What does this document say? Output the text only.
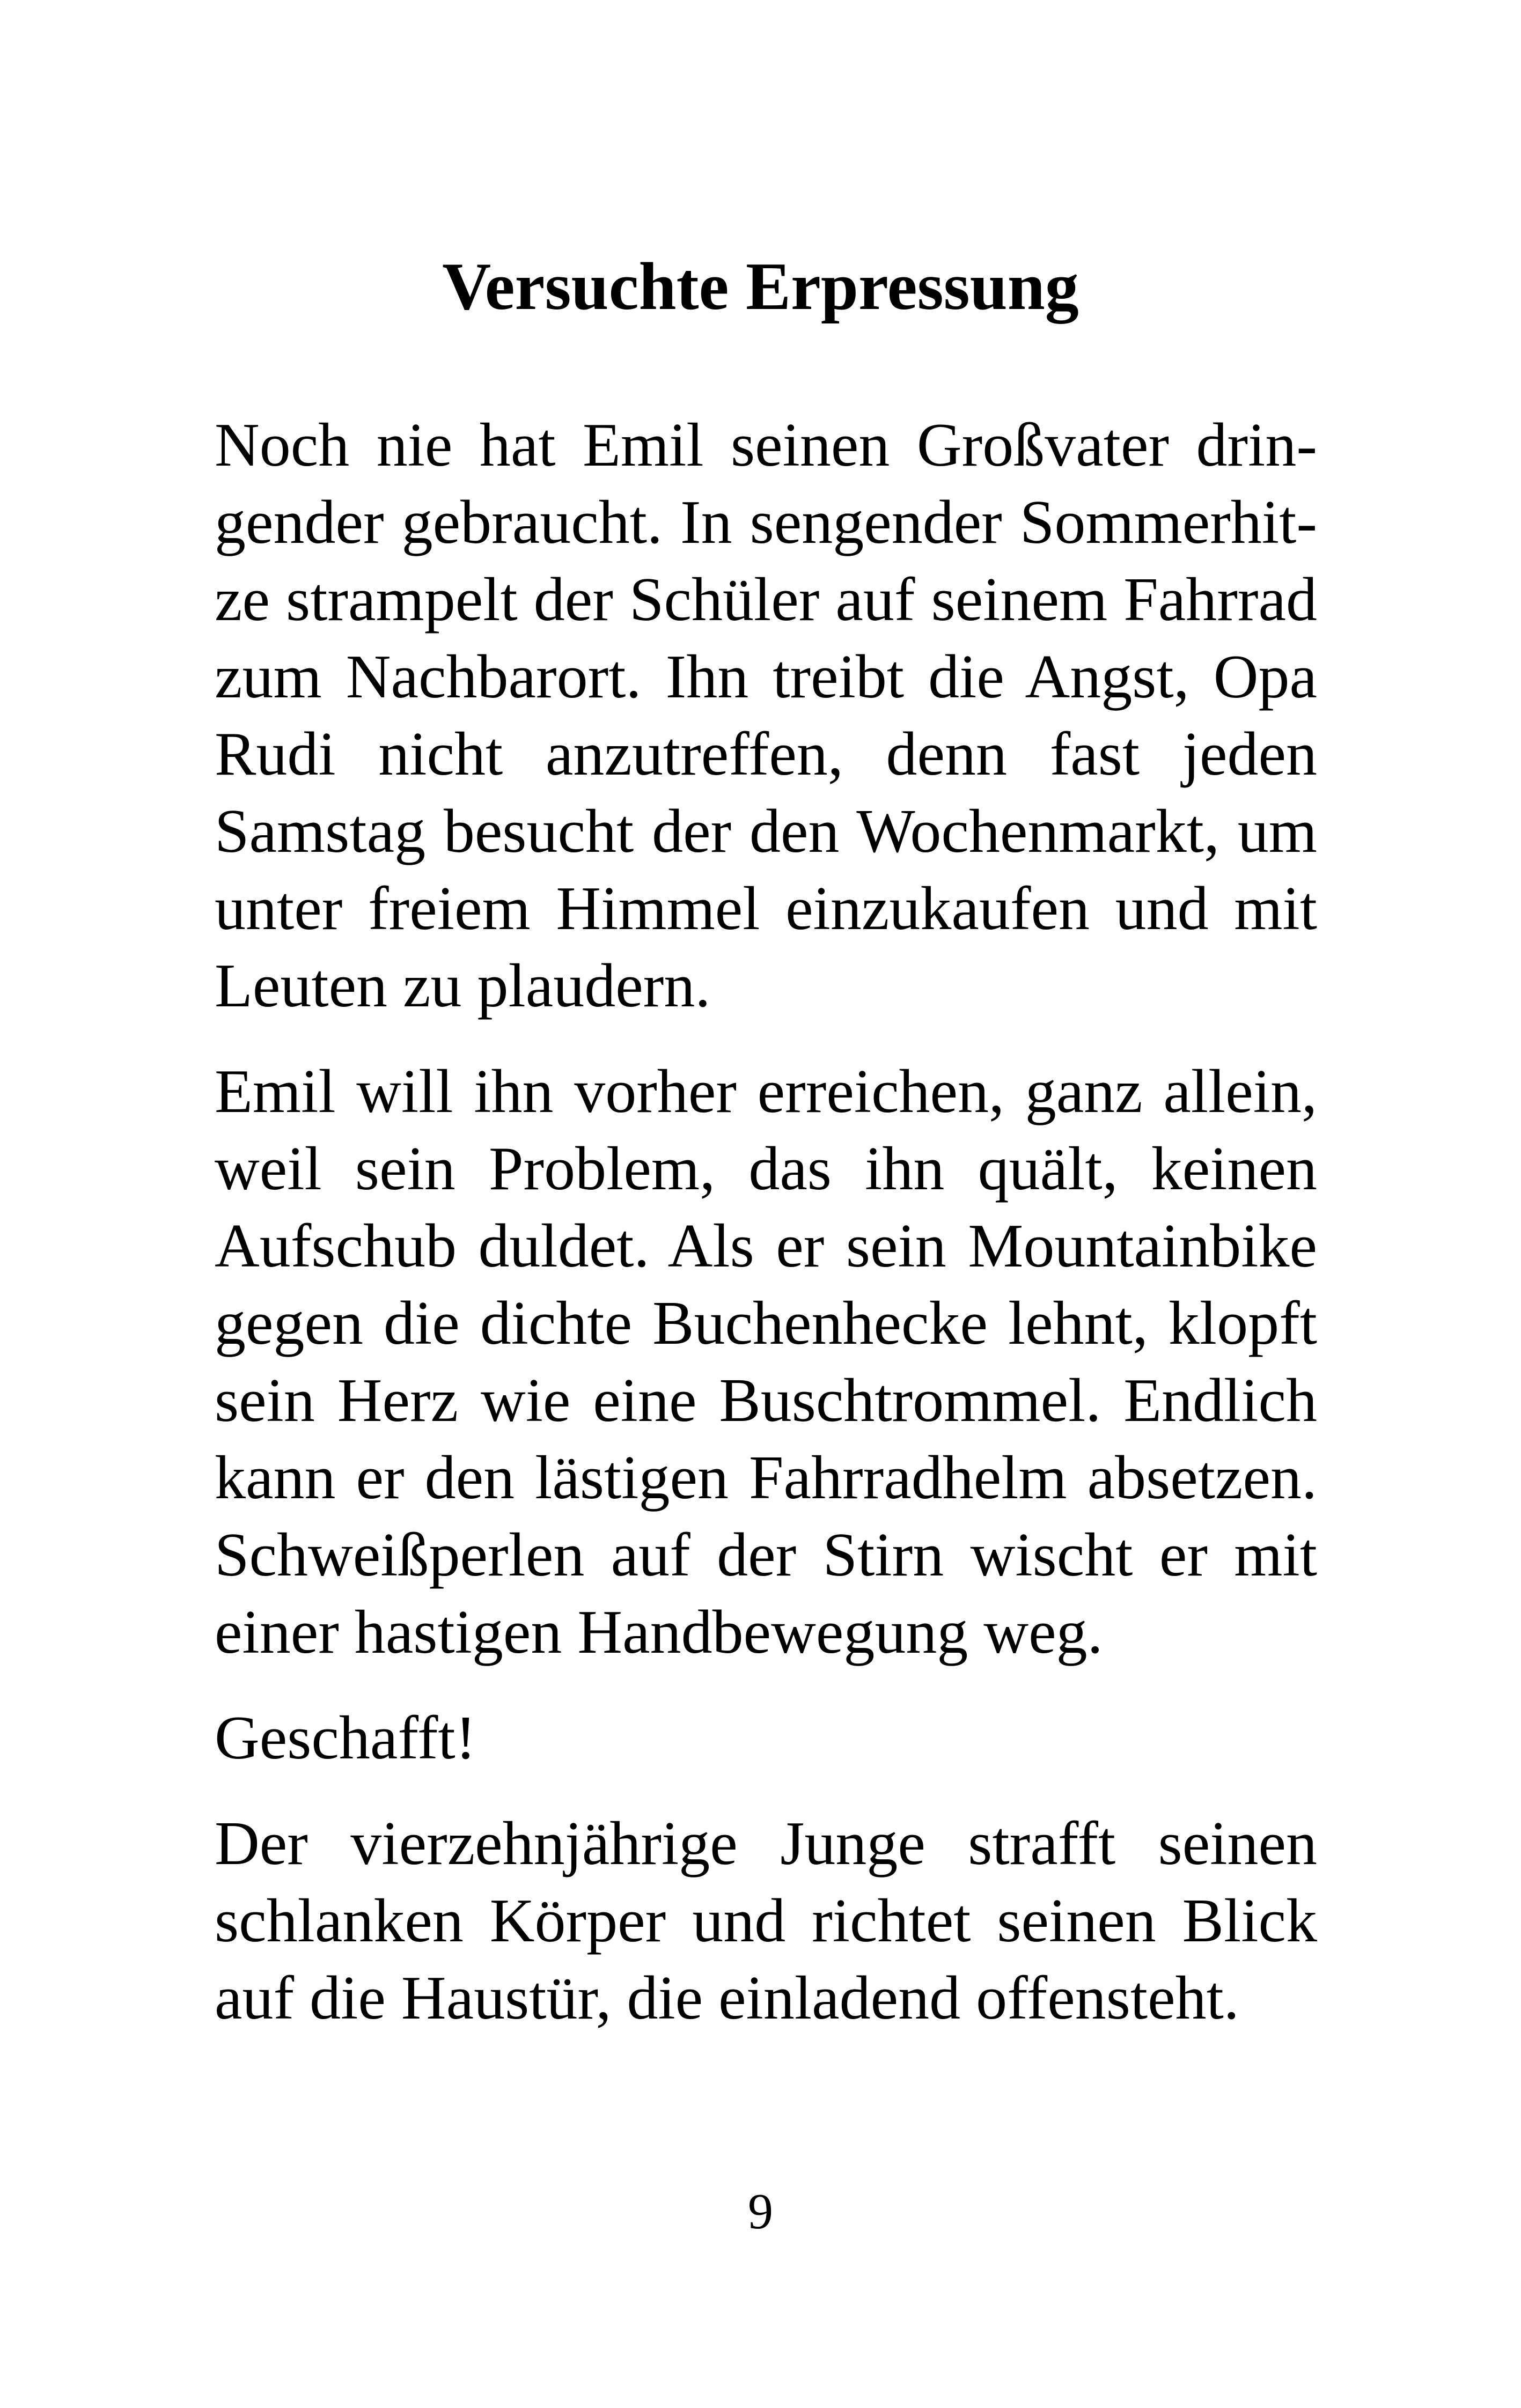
Versuchte Erpressung

Noch nie hat Emil seinen Großvater drin-
gender gebraucht. In sengender Sommerhit-
ze strampelt der Schüler auf seinem Fahrrad
zum Nachbarort. Ihn treibt die Angst, Opa
Rudi nicht anzutreffen, denn fast jeden
Samstag besucht der den Wochenmarkt, um
unter freiem Himmel einzukaufen und mit
Leuten zu plaudern.

Emil will ihn vorher erreichen, ganz allein,
weil sein Problem, das ihn quält, keinen
Aufschub duldet. Als er sein Mountainbike
gegen die dichte Buchenhecke lehnt, klopft
sein Herz wie eine Buschtrommel. Endlich
kann er den lästigen Fahrradhelm absetzen.
Schweißperlen auf der Stirn wischt er mit
einer hastigen Handbewegung weg.

Geschafft!

Der vierzehnjährige Junge strafft seinen
schlanken Körper und richtet seinen Blick
auf die Haustür, die einladend offensteht.

9
